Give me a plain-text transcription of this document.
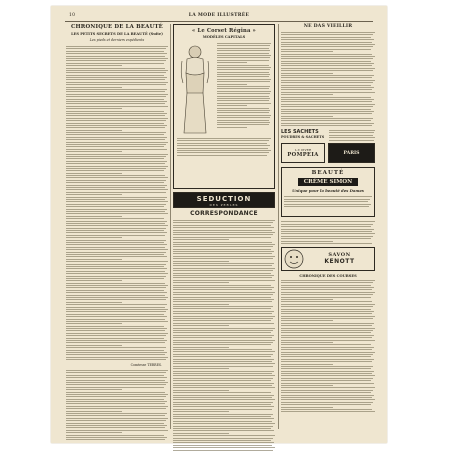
10	LA MODE ILLUSTRÉE
CHRONIQUE DE LA BEAUTÉ
LES PETITS SECRETS DE LA BEAUTÉ (Suite)
Les pieds et derniers expédients
Comtesse TERRES.
« Le Corset Régina »
MODÈLES CAPITALS
SEDUCTION
DES PERLES
CORRESPONDANCE
NE DAS VIEILLIR
LES SACHETS
POUDRES & SACHETS
L.T. PIVER
POMPEIA	PARIS
BEAUTÉ
CRÈME SIMON
Unique pour la beauté des Dames
SAVON
KENOTT
CHRONIQUE DES COURSES
